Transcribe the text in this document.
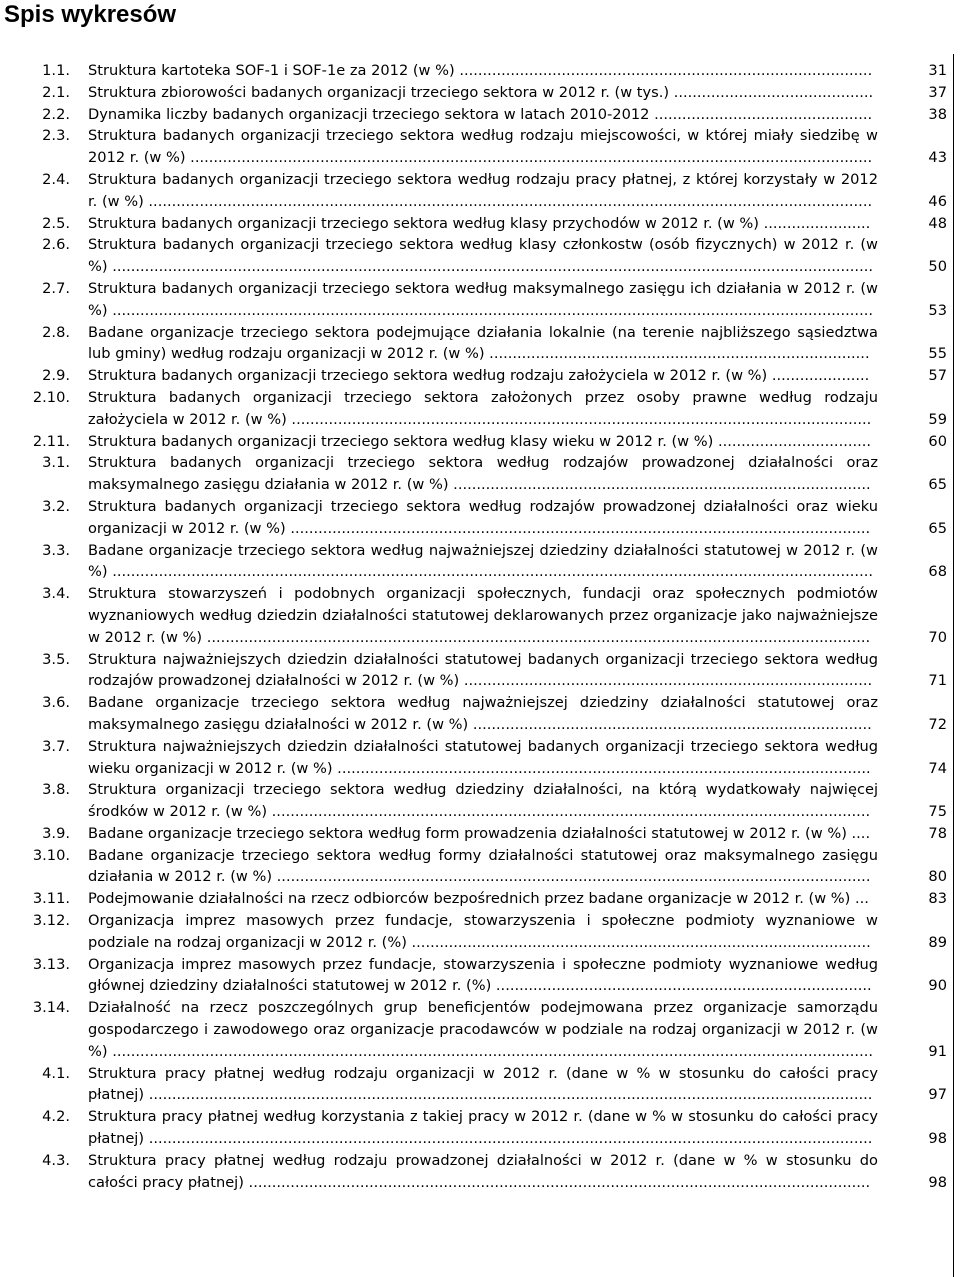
Spis wykresów
1.1. Struktura kartoteka SOF-1 i SOF-1e za 2012 (w %) .........................................................................................	31
2.1. Struktura zbiorowości badanych organizacji trzeciego sektora w 2012 r. (w tys.) ...........................................	37
2.2. Dynamika liczby badanych organizacji trzeciego sektora w latach 2010-2012 ...............................................	38
2.3. Struktura badanych organizacji trzeciego sektora według rodzaju miejscowości, w której miały siedzibę w 2012 r. (w %) ...................................................................................................................................................	43
2.4. Struktura badanych organizacji trzeciego sektora według rodzaju pracy płatnej, z której korzystały w 2012 r. (w %) ............................................................................................................................................................	46
2.5. Struktura badanych organizacji trzeciego sektora według klasy przychodów w 2012 r. (w %) .......................	48
2.6. Struktura badanych organizacji trzeciego sektora według klasy członkostw (osób fizycznych) w 2012 r. (w %) ....................................................................................................................................................................	50
2.7. Struktura badanych organizacji trzeciego sektora według maksymalnego zasięgu ich działania w 2012 r. (w %) ....................................................................................................................................................................	53
2.8. Badane organizacje trzeciego sektora podejmujące działania lokalnie (na terenie najbliższego sąsiedztwa lub gminy) według rodzaju organizacji w 2012 r. (w %) ..................................................................................	55
2.9. Struktura badanych organizacji trzeciego sektora według rodzaju założyciela w 2012 r. (w %) .....................	57
2.10. Struktura badanych organizacji trzeciego sektora założonych przez osoby prawne według rodzaju założyciela w 2012 r. (w %) .............................................................................................................................	59
2.11. Struktura badanych organizacji trzeciego sektora według klasy wieku w 2012 r. (w %) .................................	60
3.1. Struktura badanych organizacji trzeciego sektora według rodzajów prowadzonej działalności oraz maksymalnego zasięgu działania w 2012 r. (w %) ..........................................................................................	65
3.2. Struktura badanych organizacji trzeciego sektora według rodzajów prowadzonej działalności oraz wieku organizacji w 2012 r. (w %) .............................................................................................................................	65
3.3. Badane organizacje trzeciego sektora według najważniejszej dziedziny działalności statutowej w 2012 r. (w %) ....................................................................................................................................................................	68
3.4. Struktura stowarzyszeń i podobnych organizacji społecznych, fundacji oraz społecznych podmiotów wyznaniowych według dziedzin działalności statutowej deklarowanych przez organizacje jako najważniejsze w 2012 r. (w %) ...............................................................................................................................................	70
3.5. Struktura najważniejszych dziedzin działalności statutowej badanych organizacji trzeciego sektora według rodzajów prowadzonej działalności w 2012 r. (w %) ........................................................................................	71
3.6. Badane organizacje trzeciego sektora według najważniejszej dziedziny działalności statutowej oraz maksymalnego zasięgu działalności w 2012 r. (w %) ......................................................................................	72
3.7. Struktura najważniejszych dziedzin działalności statutowej badanych organizacji trzeciego sektora według wieku organizacji w 2012 r. (w %) ...................................................................................................................	74
3.8. Struktura organizacji trzeciego sektora według dziedziny działalności, na którą wydatkowały najwięcej środków w 2012 r. (w %) .................................................................................................................................	75
3.9. Badane organizacje trzeciego sektora według form prowadzenia działalności statutowej w 2012 r. (w %) ....	78
3.10. Badane organizacje trzeciego sektora według formy działalności statutowej oraz maksymalnego zasięgu działania w 2012 r. (w %) ................................................................................................................................	80
3.11. Podejmowanie działalności na rzecz odbiorców bezpośrednich przez badane organizacje w 2012 r. (w %) ...	83
3.12. Organizacja imprez masowych przez fundacje, stowarzyszenia i społeczne podmioty wyznaniowe w podziale na rodzaj organizacji w 2012 r. (%) ...................................................................................................	89
3.13. Organizacja imprez masowych przez fundacje, stowarzyszenia i społeczne podmioty wyznaniowe według głównej dziedziny działalności statutowej w 2012 r. (%) .................................................................................	90
3.14. Działalność na rzecz poszczególnych grup beneficjentów podejmowana przez organizacje samorządu gospodarczego i zawodowego oraz organizacje pracodawców w podziale na rodzaj organizacji w 2012 r. (w %) ....................................................................................................................................................................	91
4.1. Struktura pracy płatnej według rodzaju organizacji w 2012 r. (dane w % w stosunku do całości pracy płatnej) ............................................................................................................................................................	97
4.2. Struktura pracy płatnej według korzystania z takiej pracy w 2012 r. (dane w % w stosunku do całości pracy płatnej) ............................................................................................................................................................	98
4.3. Struktura pracy płatnej według rodzaju prowadzonej działalności w 2012 r. (dane w % w stosunku do całości pracy płatnej) ......................................................................................................................................	98
